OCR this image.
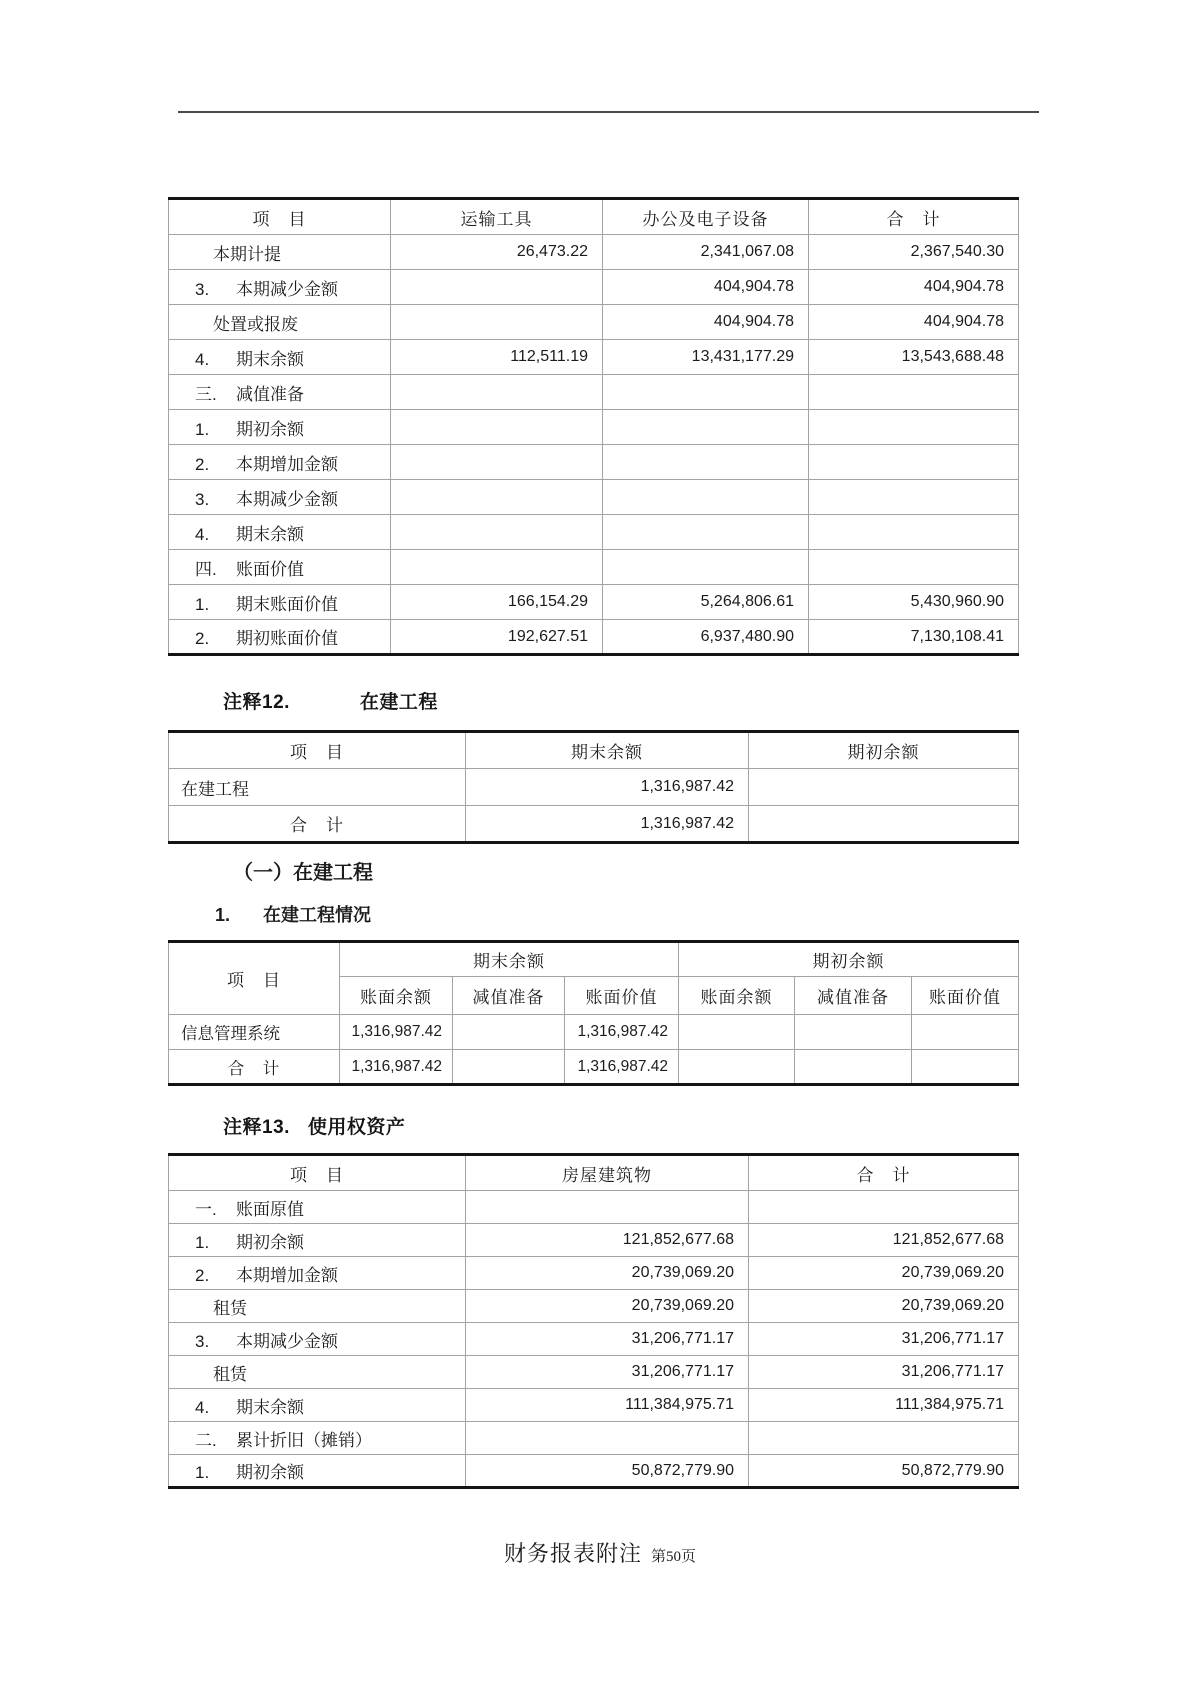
项　目	运输工具	办公及电子设备	合　计
本期计提	26,473.22	2,341,067.08	2,367,540.30
3. 本期减少金额		404,904.78	404,904.78
处置或报废		404,904.78	404,904.78
4. 期末余额	112,511.19	13,431,177.29	13,543,688.48
三. 减值准备			
1. 期初余额			
2. 本期增加金额			
3. 本期减少金额			
4. 期末余额			
四. 账面价值			
1. 期末账面价值	166,154.29	5,264,806.61	5,430,960.90
2. 期初账面价值	192,627.51	6,937,480.90	7,130,108.41
注释12.	在建工程
项　目	期末余额	期初余额
在建工程	1,316,987.42	
合　计	1,316,987.42	
（一）在建工程
1. 在建工程情况
项　目	期末余额			期初余额		
	账面余额	减值准备	账面价值	账面余额	减值准备	账面价值
信息管理系统	1,316,987.42		1,316,987.42			
合　计	1,316,987.42		1,316,987.42			
注释13. 使用权资产
项　目	房屋建筑物	合　计
一. 账面原值		
1. 期初余额	121,852,677.68	121,852,677.68
2. 本期增加金额	20,739,069.20	20,739,069.20
租赁	20,739,069.20	20,739,069.20
3. 本期减少金额	31,206,771.17	31,206,771.17
租赁	31,206,771.17	31,206,771.17
4. 期末余额	111,384,975.71	111,384,975.71
二. 累计折旧（摊销）		
1. 期初余额	50,872,779.90	50,872,779.90
财务报表附注 第50页
